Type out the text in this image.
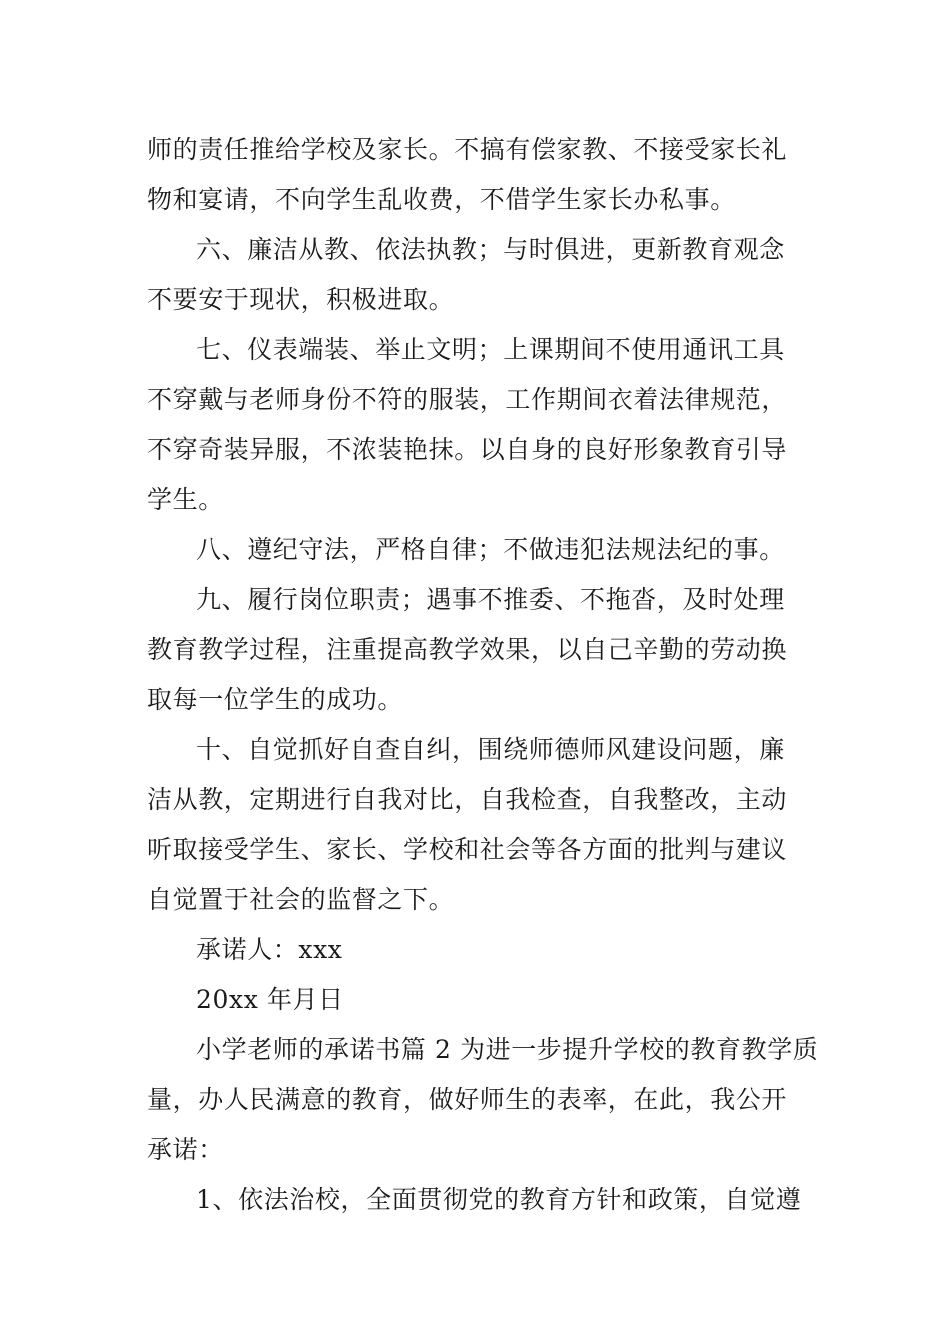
师的责任推给学校及家长。不搞有偿家教、不接受家长礼
物和宴请，不向学生乱收费，不借学生家长办私事。
六、廉洁从教、依法执教；与时俱进，更新教育观念
不要安于现状，积极进取。
七、仪表端装、举止文明；上课期间不使用通讯工具
不穿戴与老师身份不符的服装，工作期间衣着法律规范，
不穿奇装异服，不浓装艳抹。以自身的良好形象教育引导
学生。
八、遵纪守法，严格自律；不做违犯法规法纪的事。
九、履行岗位职责；遇事不推委、不拖沓，及时处理
教育教学过程，注重提高教学效果，以自己辛勤的劳动换
取每一位学生的成功。
十、自觉抓好自查自纠，围绕师德师风建设问题，廉
洁从教，定期进行自我对比，自我检查，自我整改，主动
听取接受学生、家长、学校和社会等各方面的批判与建议
自觉置于社会的监督之下。
承诺人：xxx
20xx 年月日
小学老师的承诺书篇 2 为进一步提升学校的教育教学质
量，办人民满意的教育，做好师生的表率，在此，我公开
承诺：
1、依法治校，全面贯彻党的教育方针和政策，自觉遵
